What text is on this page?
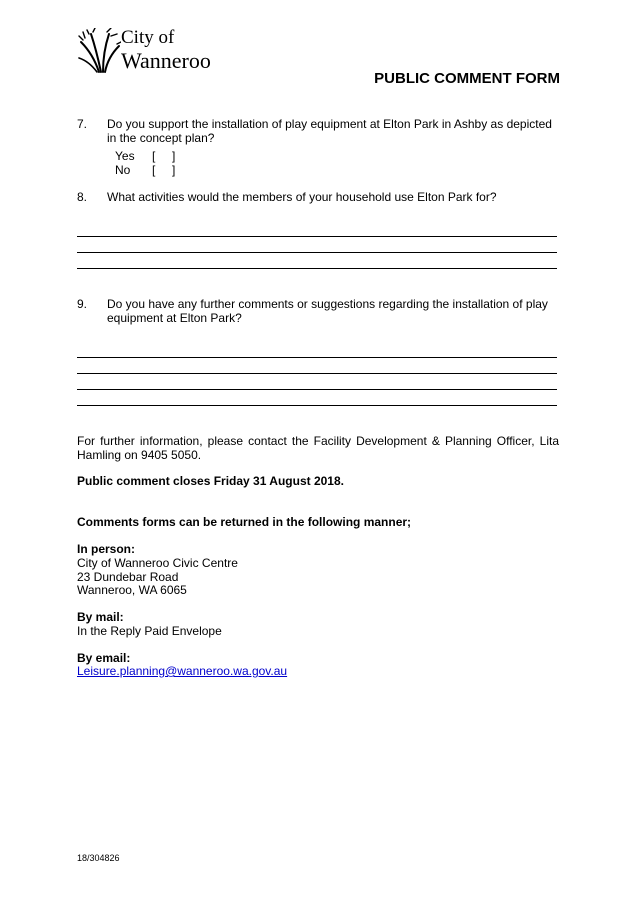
City of
Wanneroo
PUBLIC COMMENT FORM
7. Do you support the installation of play equipment at Elton Park in Ashby as depicted in the concept plan?
Yes [     ]
No [     ]
8. What activities would the members of your household use Elton Park for?
9. Do you have any further comments or suggestions regarding the installation of play equipment at Elton Park?
For further information, please contact the Facility Development & Planning Officer, Lita Hamling on 9405 5050.
Public comment closes Friday 31 August 2018.
Comments forms can be returned in the following manner;
In person:
City of Wanneroo Civic Centre
23 Dundebar Road
Wanneroo, WA 6065
By mail:
In the Reply Paid Envelope
By email:
Leisure.planning@wanneroo.wa.gov.au
18/304826
